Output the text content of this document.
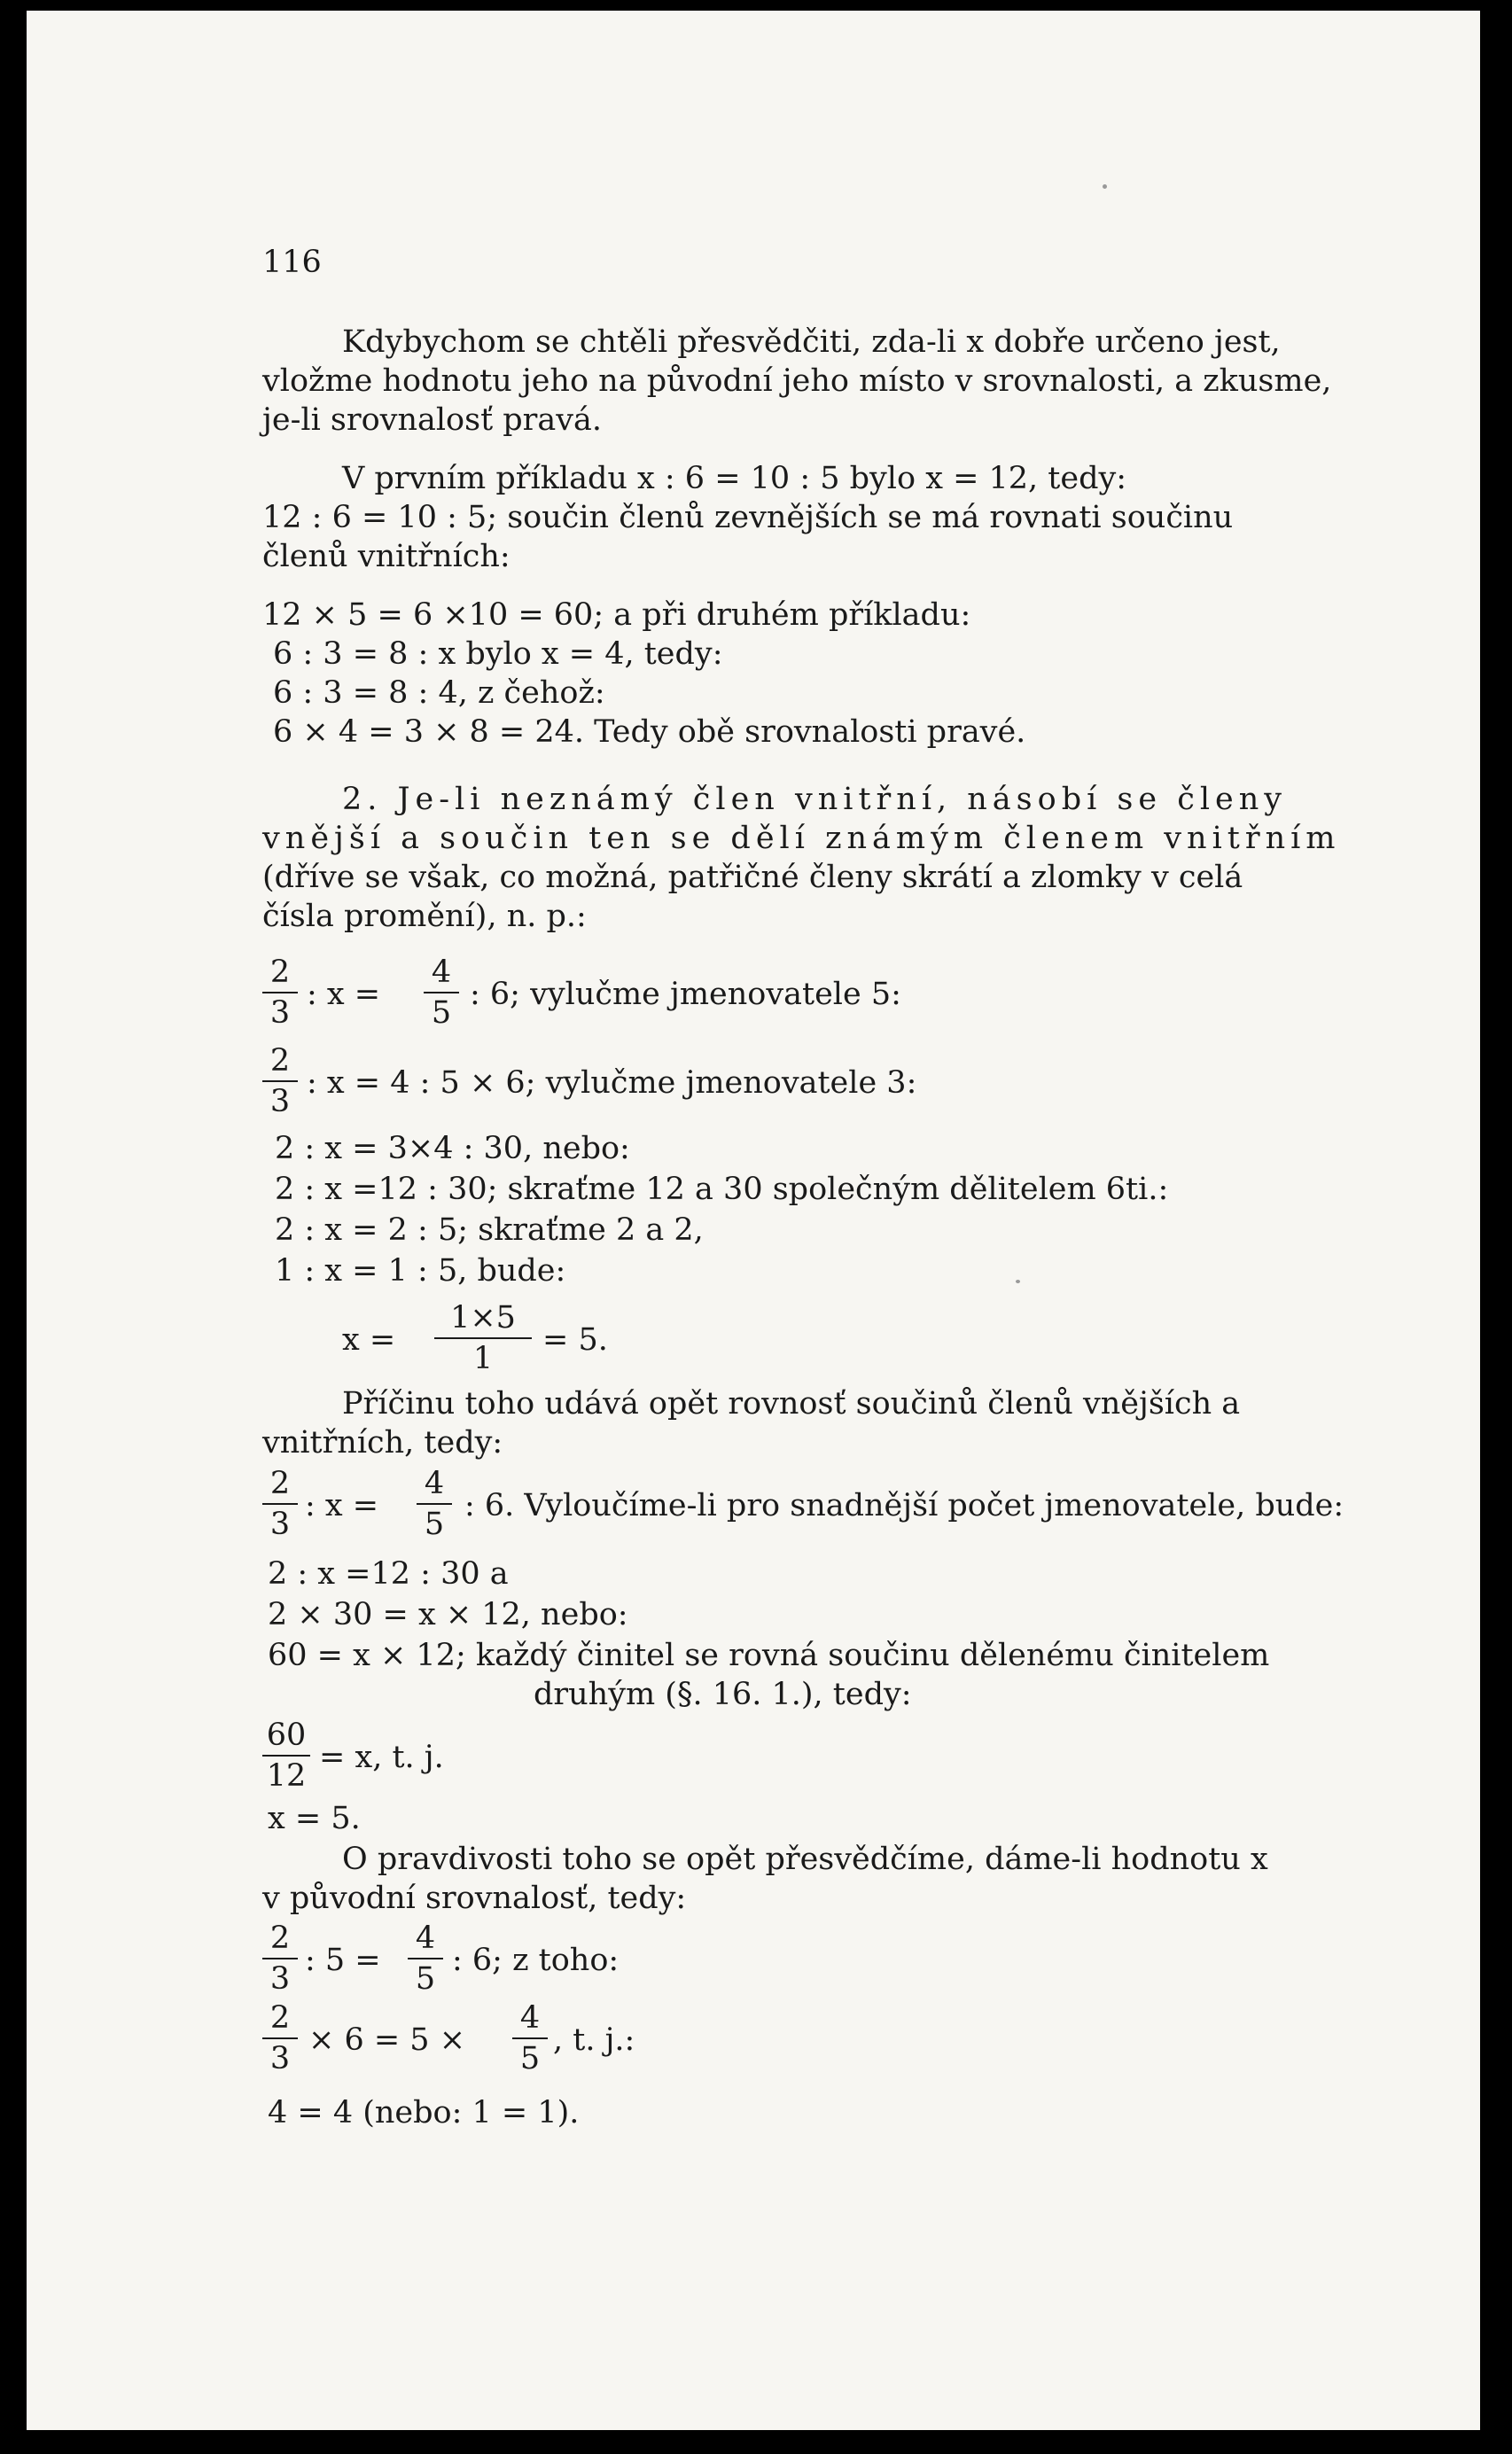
116
Kdybychom se chtěli přesvědčiti, zda-li x dobře určeno jest,
vložme hodnotu jeho na původní jeho místo v srovnalosti, a zkusme,
je-li srovnalosť pravá.
V prvním příkladu x : 6 = 10 : 5 bylo x = 12, tedy:
12 : 6 = 10 : 5; součin členů zevnějších se má rovnati součinu
členů vnitřních:
12 × 5 = 6 ×10 = 60; a při druhém příkladu:
6 : 3 = 8 : x bylo x = 4, tedy:
6 : 3 = 8 : 4, z čehož:
6 × 4 = 3 × 8 = 24. Tedy obě srovnalosti pravé.
2. Je-li neznámý člen vnitřní, násobí se členy
vnější a součin ten se dělí známým členem vnitřním
(dříve se však, co možná, patřičné členy skrátí a zlomky v celá
čísla promění), n. p.:
2
3
: x =
4
5
: 6; vylučme jmenovatele 5:
2
3
: x = 4 : 5 × 6; vylučme jmenovatele 3:
2 : x = 3×4 : 30, nebo:
2 : x =12 : 30; skraťme 12 a 30 společným dělitelem 6ti.:
2 : x = 2 : 5; skraťme 2 a 2,
1 : x = 1 : 5, bude:
x =
1×5
1
= 5.
Příčinu toho udává opět rovnosť součinů členů vnějších a
vnitřních, tedy:
2
3
: x =
4
5
: 6. Vyloučíme-li pro snadnější počet jmenovatele, bude:
2 : x =12 : 30 a
2 × 30 = x × 12, nebo:
60 = x × 12; každý činitel se rovná součinu dělenému činitelem
druhým (§. 16. 1.), tedy:
60
12
= x, t. j.
x = 5.
O pravdivosti toho se opět přesvědčíme, dáme-li hodnotu x
v původní srovnalosť, tedy:
2
3
: 5 =
4
5
: 6; z toho:
2
3
× 6 = 5 ×
4
5
, t. j.:
4 = 4 (nebo: 1 = 1).
